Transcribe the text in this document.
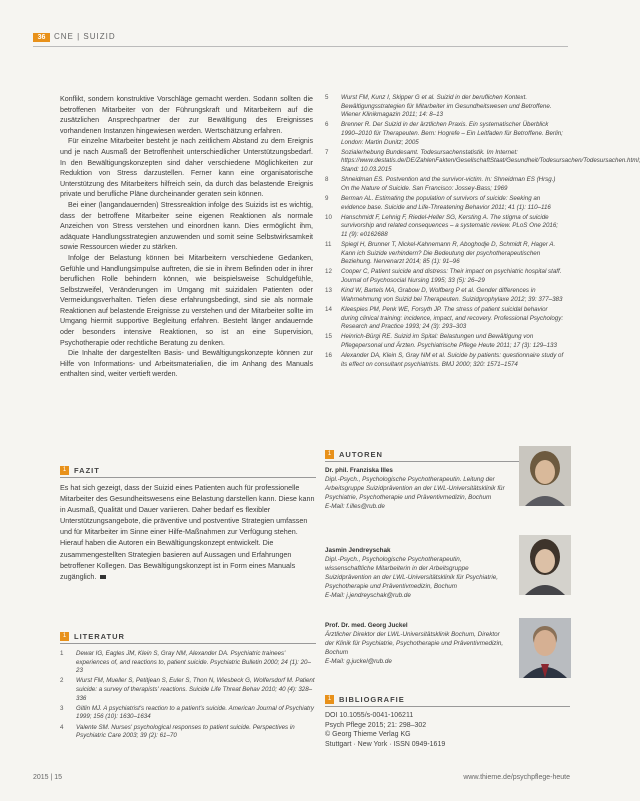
36	CNE | SUIZID

Konflikt, sondern konstruktive Vorschläge gemacht werden. Sodann sollten die betroffenen Mitarbeiter von der Führungskraft und Mitarbeitern auf die zusätzlichen Ansprechpartner der zur Bewältigung des Ereignisses vorhandenen Instanzen hingewiesen werden. Wertschätzung erfahren.

Für einzelne Mitarbeiter besteht je nach zeitlichem Abstand zu dem Ereignis und je nach Ausmaß der Betroffenheit unterschiedlicher Unterstützungsbedarf. In den Bewältigungskonzepten sind daher verschiedene Möglichkeiten zur Reduktion von Stress darzustellen. Ferner kann eine organisatorische Unterstützung des Mitarbeiters hilfreich sein, da durch das belastende Ereignis private und berufliche Pläne durcheinander geraten sein können.

Bei einer (langandauernden) Stressreaktion infolge des Suizids ist es wichtig, dass der betroffene Mitarbeiter seine eigenen Reaktionen als normale Anzeichen von Stress verstehen und einordnen kann. Dies ermöglicht ihm, adäquate Handlungsstrategien anzuwenden und somit seine Selbstwirksamkeit sowie Ressourcen wieder zu stärken.

Infolge der Belastung können bei Mitarbeitern verschiedene Gedanken, Gefühle und Handlungsimpulse auftreten, die sie in ihrem Befinden oder in ihrer beruflichen Rolle behindern können, wie beispielsweise Schuldgefühle, Selbstzweifel, Veränderungen im Umgang mit suizidalen Patienten oder Vermeidungsverhalten. Tiefen diese erfahrungsbedingt, sind sie als normale Reaktionen auf belastende Ereignisse zu verstehen und der Mitarbeiter sollte im Umgang hiermit supportive Begleitung erfahren. Besteht länger andauernde oder besonders intensive Reaktionen, so ist an eine Supervision, Psychotherapie oder rechtliche Beratung zu denken.

Die Inhalte der dargestellten Basis- und Bewältigungskonzepte können zur Hilfe von Informations- und Arbeitsmaterialien, die im Anhang des Manuals enthalten sind, weiter vertieft werden.

5	Wurst FM, Kunz I, Skipper G et al. Suizid in der beruflichen Kontext. Bewältigungsstrategien für Mitarbeiter im Gesundheitswesen und Betroffene. Wiener Klinikmagazin 2011; 14: 8–13
6	Brenner R. Der Suizid in der ärztlichen Praxis. Ein systematischer Überblick 1990–2010 für Therapeuten. Bern: Hogrefe – Ein Leitfaden für Betroffene. Berlin; London: Martin Dunitz; 2005
7	Sozialerhebung Bundesamt. Todesursachenstatistik. Im Internet: https://www.destatis.de/DE/ZahlenFakten/GesellschaftStaat/Gesundheit/Todesursachen/Todesursachen.html; Stand: 10.03.2015
8	Shneidman ES. Postvention and the survivor-victim. In: Shneidman ES (Hrsg.) On the Nature of Suicide. San Francisco: Jossey-Bass; 1969
9	Berman AL. Estimating the population of survivors of suicide: Seeking an evidence base. Suicide and Life-Threatening Behavior 2011; 41 (1): 110–116
10	Hanschmidt F, Lehnig F, Riedel-Heller SG, Kersting A. The stigma of suicide survivorship and related consequences – a systematic review. PLoS One 2016; 11 (9): e0162688
11	Spiegl H, Brunner T, Nickel-Kahnemann R, Aboghodje D, Schmidt R, Hager A. Kann ich Suizide verhindern? Die Bedeutung der psychotherapeutischen Beziehung. Nervenarzt 2014; 85 (1): 91–96
12	Cooper C, Patient suicide and distress: Their impact on psychiatric hospital staff. Journal of Psychosocial Nursing 1995; 33 (5): 26–29
13	Kind W, Bartels MA, Grabow D, Wolfberg P et al. Gender differences in Wahrnehmung von Suizid bei Therapeuten. Suizidprophylaxe 2012; 39: 377–383
14	Kleespies PM, Penk WE, Forsyth JP. The stress of patient suicidal behavior during clinical training: incidence, impact, and recovery. Professional Psychology: Research and Practice 1993; 24 (3): 293–303
15	Heinrich-Bürgi RE. Suizid im Spital: Belastungen und Bewältigung von Pflegepersonal und Ärzten. Psychiatrische Pflege Heute 2011; 17 (3): 129–133
16	Alexander DA, Klein S, Gray NM et al. Suicide by patients: questionnaire study of its effect on consultant psychiatrists. BMJ 2000; 320: 1571–1574
1	FAZIT
Es hat sich gezeigt, dass der Suizid eines Patienten auch für professionelle Mitarbeiter des Gesundheitswesens eine Belastung darstellen kann. Diese kann in Ausmaß, Qualität und Dauer variieren. Daher bedarf es flexibler Unterstützungsangebote, die präventive und postventive Strategien umfassen und für Mitarbeiter im Sinne einer Hilfe-Maßnahmen zur Verfügung stehen. Hierauf haben die Autoren ein Bewältigungskonzept entwickelt. Die zusammengestellten Strategien basieren auf Aussagen und Erfahrungen betroffener Kollegen. Das Bewältigungskonzept ist in Form eines Manuals zugänglich.
1	LITERATUR
1	Dewar IG, Eagles JM, Klein S, Gray NM, Alexander DA. Psychiatric trainees' experiences of, and reactions to, patient suicide. Psychiatric Bulletin 2000; 24 (1): 20–23
2	Wurst FM, Mueller S, Petitjean S, Euler S, Thon N, Wiesbeck G, Wolfersdorf M. Patient suicide: a survey of therapists' reactions. Suicide Life Threat Behav 2010; 40 (4): 328–336
3	Gitlin MJ. A psychiatrist's reaction to a patient's suicide. American Journal of Psychiatry 1999; 156 (10): 1630–1634
4	Valente SM. Nurses' psychological responses to patient suicide. Perspectives in Psychiatric Care 2003; 39 (2): 61–70
1	AUTOREN
Dr. phil. Franziska Illes
Dipl.-Psych., Psychologische Psychotherapeutin. Leitung der Arbeitsgruppe Suizidprävention an der LWL-Universitätsklinik für Psychiatrie, Psychotherapie und Präventivmedizin, Bochum
E-Mail: f.illes@rub.de
Jasmin Jendreyschak
Dipl.-Psych., Psychologische Psychotherapeutin, wissenschaftliche Mitarbeiterin in der Arbeitsgruppe Suizidprävention an der LWL-Universitätsklinik für Psychiatrie, Psychotherapie und Präventivmedizin, Bochum
E-Mail: j.jendreyschak@rub.de
Prof. Dr. med. Georg Juckel
Ärztlicher Direktor der LWL-Universitätsklinik Bochum, Direktor der Klinik für Psychiatrie, Psychotherapie und Präventivmedizin, Bochum
E-Mail: g.juckel@rub.de
1	BIBLIOGRAFIE
DOI 10.1055/s-0041-106211
Psych Pflege 2015; 21: 298–302
© Georg Thieme Verlag KG
Stuttgart · New York · ISSN 0949-1619
2015 | 15	www.thieme.de/psychpflege-heute
